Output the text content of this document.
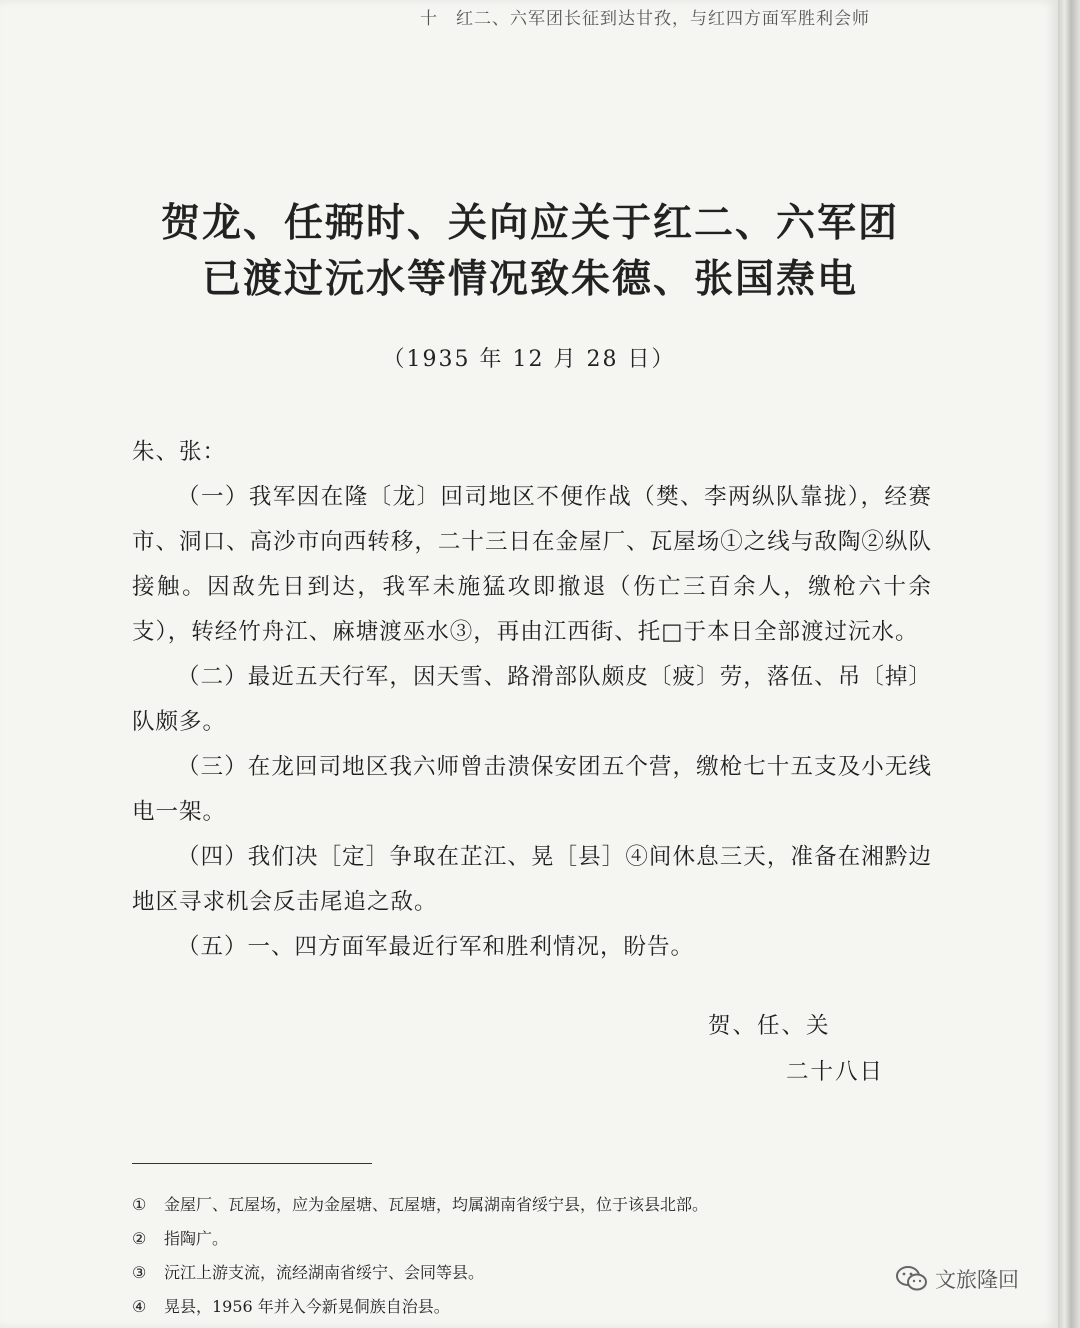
十　红二、六军团长征到达甘孜，与红四方面军胜利会师
贺龙、任弼时、关向应关于红二、六军团
已渡过沅水等情况致朱德、张国焘电
（1935 年 12 月 28 日）

朱、张：

（一）我军因在隆〔龙〕回司地区不便作战（樊、李两纵队靠拢），经赛市、洞口、高沙市向西转移，二十三日在金屋厂、瓦屋场①之线与敌陶②纵队接触。因敌先日到达，我军未施猛攻即撤退（伤亡三百余人，缴枪六十余支），转经竹舟江、麻塘渡巫水③，再由江西街、托□于本日全部渡过沅水。

（二）最近五天行军，因天雪、路滑部队颇皮〔疲〕劳，落伍、吊〔掉〕队颇多。

（三）在龙回司地区我六师曾击溃保安团五个营，缴枪七十五支及小无线电一架。

（四）我们决［定］争取在芷江、晃［县］④间休息三天，准备在湘黔边地区寻求机会反击尾追之敌。

（五）一、四方面军最近行军和胜利情况，盼告。

贺、任、关
二十八日
①	金屋厂、瓦屋场，应为金屋塘、瓦屋塘，均属湖南省绥宁县，位于该县北部。
②	指陶广。
③	沅江上游支流，流经湖南省绥宁、会同等县。
④	晃县，1956 年并入今新晃侗族自治县。
文旅隆回
